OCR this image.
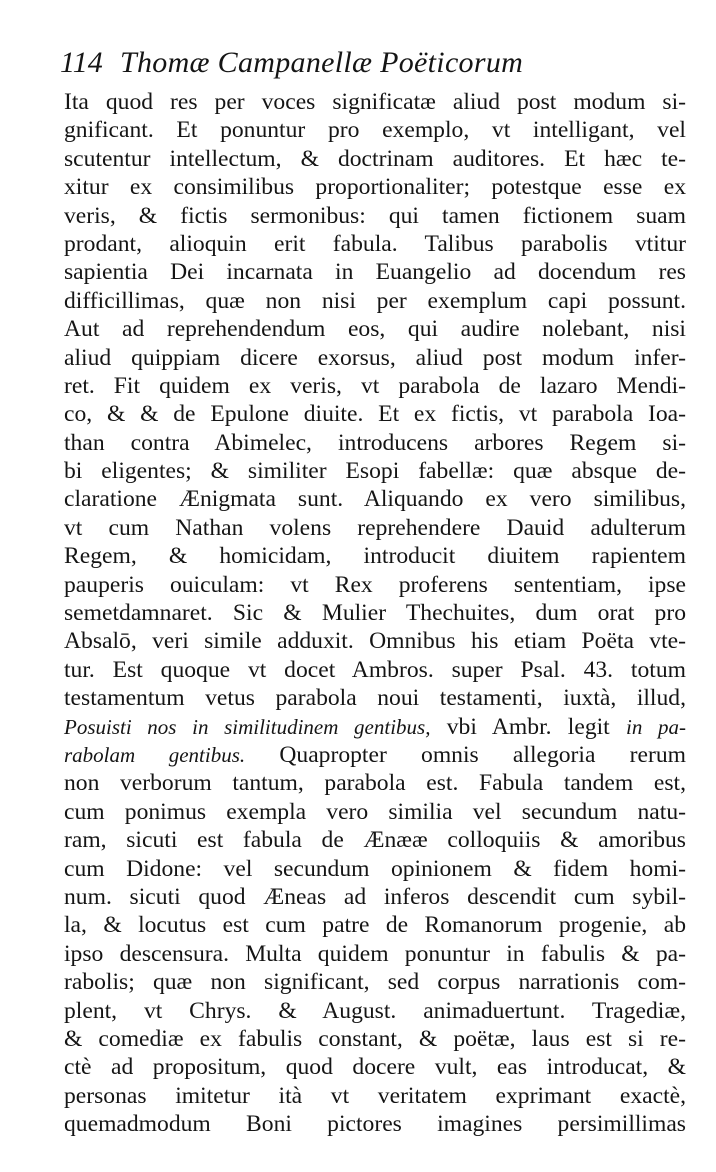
114 Thomæ Campanellæ Poëticorum
Ita quod res per voces significatæ aliud post modum si-
gnificant. Et ponuntur pro exemplo, vt intelligant, vel
scutentur intellectum, & doctrinam auditores. Et hæc te-
xitur ex consimilibus proportionaliter; potestque esse ex
veris, & fictis sermonibus: qui tamen fictionem suam
prodant, alioquin erit fabula. Talibus parabolis vtitur
sapientia Dei incarnata in Euangelio ad docendum res
difficillimas, quæ non nisi per exemplum capi possunt.
Aut ad reprehendendum eos, qui audire nolebant, nisi
aliud quippiam dicere exorsus, aliud post modum infer-
ret. Fit quidem ex veris, vt parabola de lazaro Mendi-
co, & & de Epulone diuite. Et ex fictis, vt parabola Ioa-
than contra Abimelec, introducens arbores Regem si-
bi eligentes; & similiter Esopi fabellæ: quæ absque de-
claratione Ænigmata sunt. Aliquando ex vero similibus,
vt cum Nathan volens reprehendere Dauid adulterum
Regem, & homicidam, introducit diuitem rapientem
pauperis ouiculam: vt Rex proferens sententiam, ipse
semetdamnaret. Sic & Mulier Thechuites, dum orat pro
Absalō, veri simile adduxit. Omnibus his etiam Poëta vte-
tur. Est quoque vt docet Ambros. super Psal. 43. totum
testamentum vetus parabola noui testamenti, iuxtà, illud,
Posuisti nos in similitudinem gentibus, vbi Ambr. legit in pa-
rabolam gentibus. Quapropter omnis allegoria rerum
non verborum tantum, parabola est. Fabula tandem est,
cum ponimus exempla vero similia vel secundum natu-
ram, sicuti est fabula de Ænææ colloquiis & amoribus
cum Didone: vel secundum opinionem & fidem homi-
num. sicuti quod Æneas ad inferos descendit cum sybil-
la, & locutus est cum patre de Romanorum progenie, ab
ipso descensura. Multa quidem ponuntur in fabulis & pa-
rabolis; quæ non significant, sed corpus narrationis com-
plent, vt Chrys. & August. animaduertunt. Tragediæ,
& comediæ ex fabulis constant, & poëtæ, laus est si re-
ctè ad propositum, quod docere vult, eas introducat, &
personas imitetur ità vt veritatem exprimant exactè,
quemadmodum Boni pictores imagines persimillimas
